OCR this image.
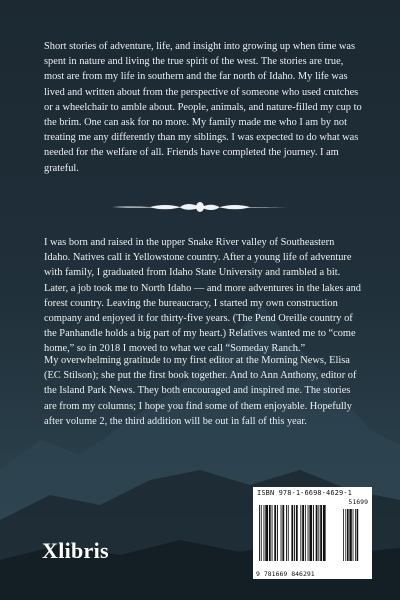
Short stories of adventure, life, and insight into growing up when time was spent in nature and living the true spirit of the west. The stories are true, most are from my life in southern and the far north of Idaho. My life was lived and written about from the perspective of someone who used crutches or a wheelchair to amble about. People, animals, and nature-filled my cup to the brim. One can ask for no more. My family made me who I am by not treating me any differently than my siblings. I was expected to do what was needed for the welfare of all. Friends have completed the journey. I am grateful.

I was born and raised in the upper Snake River valley of Southeastern Idaho. Natives call it Yellowstone country. After a young life of adventure with family, I graduated from Idaho State University and rambled a bit. Later, a job took me to North Idaho — and more adventures in the lakes and forest country. Leaving the bureaucracy, I started my own construction company and enjoyed it for thirty-five years. (The Pend Oreille country of the Panhandle holds a big part of my heart.) Relatives wanted me to “come home,” so in 2018 I moved to what we call “Someday Ranch.”

My overwhelming gratitude to my first editor at the Morning News, Elisa (EC Stilson); she put the first book together. And to Ann Anthony, editor of the Island Park News. They both encouraged and inspired me. The stories are from my columns; I hope you find some of them enjoyable. Hopefully after volume 2, the third addition will be out in fall of this year.

Xlibris
ISBN 978-1-6698-4629-1
51699
9 781669 846291
